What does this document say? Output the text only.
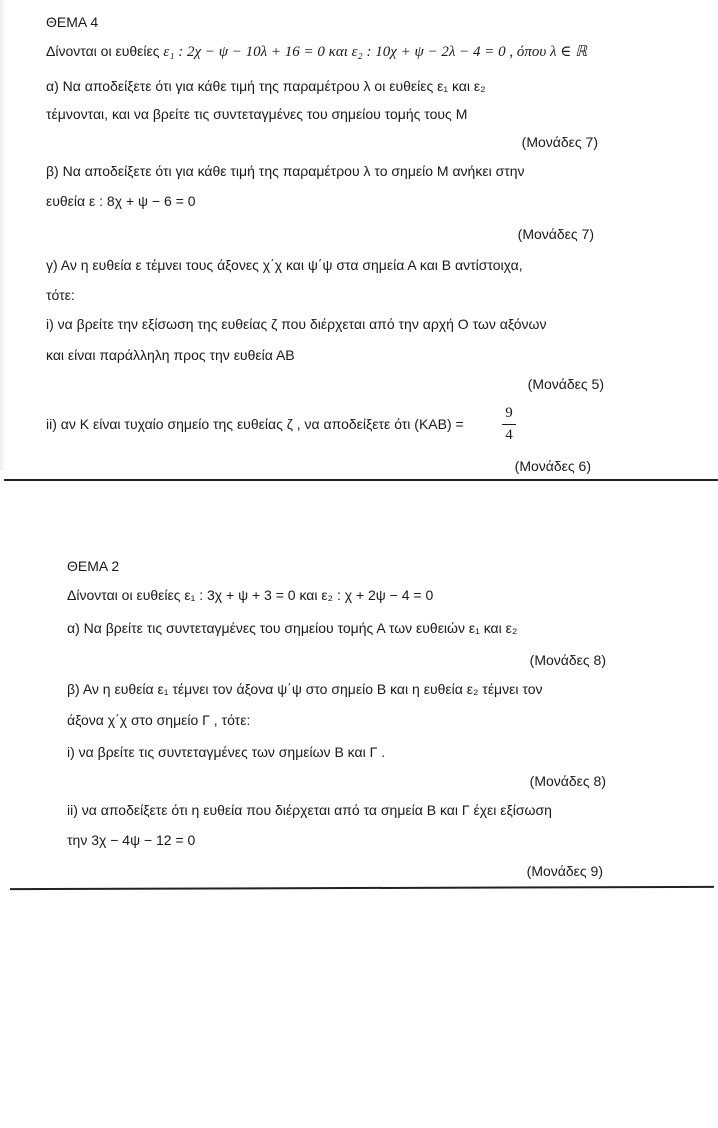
ΘΕΜΑ 4
Δίνονται οι ευθείες ε₁ : 2χ − ψ − 10λ + 16 = 0 και ε₂ : 10χ + ψ − 2λ − 4 = 0 , όπου λ ∈ ℝ
α) Να αποδείξετε ότι για κάθε τιμή της παραμέτρου λ οι ευθείες ε₁ και ε₂
τέμνονται, και να βρείτε τις συντεταγμένες του σημείου τομής τους Μ
(Μονάδες 7)
β) Να αποδείξετε ότι για κάθε τιμή της παραμέτρου λ το σημείο Μ ανήκει στην
ευθεία ε : 8χ + ψ − 6 = 0
(Μονάδες 7)
γ) Αν η ευθεία ε τέμνει τους άξονες χ΄χ και ψ΄ψ στα σημεία Α και Β αντίστοιχα,
τότε:
i) να βρείτε την εξίσωση της ευθείας ζ που διέρχεται από την αρχή Ο των αξόνων
και είναι παράλληλη προς την ευθεία ΑΒ
(Μονάδες 5)
ii) αν Κ είναι τυχαίο σημείο της ευθείας ζ , να αποδείξετε ότι (ΚΑΒ) =
9
4
(Μονάδες 6)
ΘΕΜΑ 2
Δίνονται οι ευθείες ε₁ : 3χ + ψ + 3 = 0 και ε₂ : χ + 2ψ − 4 = 0
α) Να βρείτε τις συντεταγμένες του σημείου τομής Α των ευθειών ε₁ και ε₂
(Μονάδες 8)
β) Αν η ευθεία ε₁ τέμνει τον άξονα ψ΄ψ στο σημείο Β και η ευθεία ε₂ τέμνει τον
άξονα χ΄χ στο σημείο Γ , τότε:
i) να βρείτε τις συντεταγμένες των σημείων Β και Γ .
(Μονάδες 8)
ii) να αποδείξετε ότι η ευθεία που διέρχεται από τα σημεία Β και Γ έχει εξίσωση
την 3χ − 4ψ − 12 = 0
(Μονάδες 9)
